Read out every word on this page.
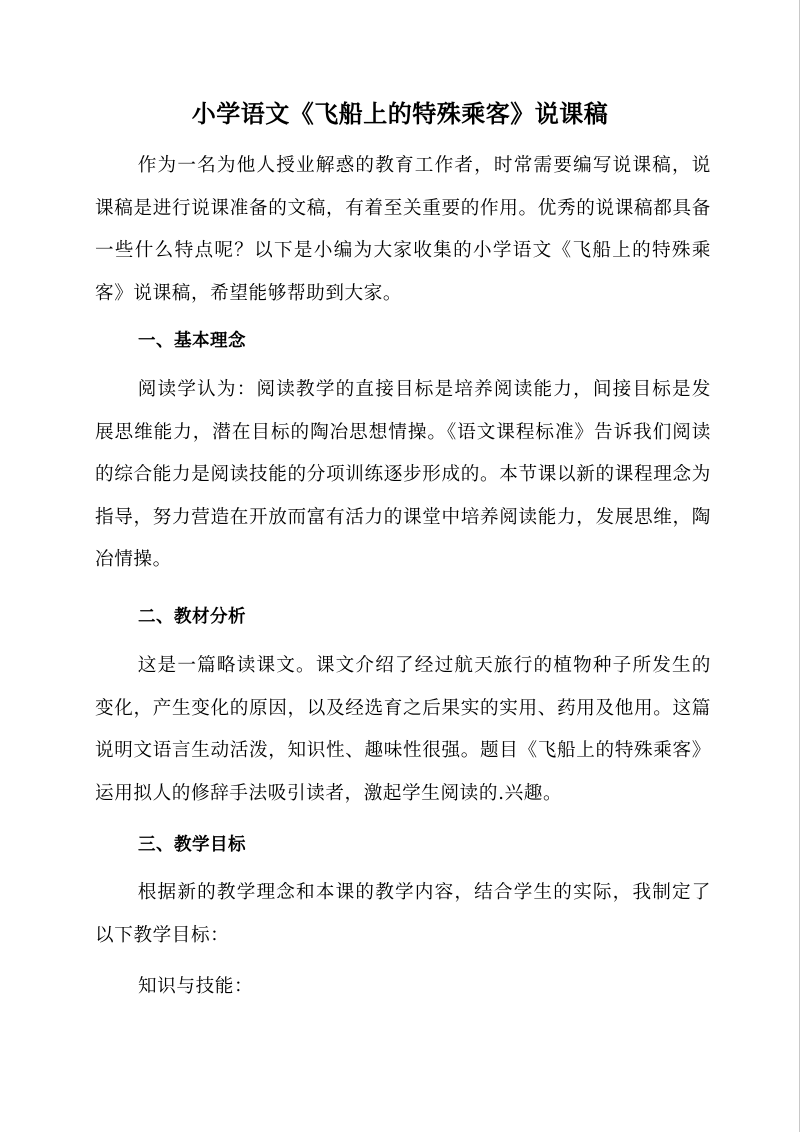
小学语文《飞船上的特殊乘客》说课稿

作为一名为他人授业解惑的教育工作者，时常需要编写说课稿，说课稿是进行说课准备的文稿，有着至关重要的作用。优秀的说课稿都具备一些什么特点呢？以下是小编为大家收集的小学语文《飞船上的特殊乘客》说课稿，希望能够帮助到大家。

一、基本理念

阅读学认为：阅读教学的直接目标是培养阅读能力，间接目标是发展思维能力，潜在目标的陶冶思想情操。《语文课程标准》告诉我们阅读的综合能力是阅读技能的分项训练逐步形成的。本节课以新的课程理念为指导，努力营造在开放而富有活力的课堂中培养阅读能力，发展思维，陶冶情操。

二、教材分析

这是一篇略读课文。课文介绍了经过航天旅行的植物种子所发生的变化，产生变化的原因，以及经选育之后果实的实用、药用及他用。这篇说明文语言生动活泼，知识性、趣味性很强。题目《飞船上的特殊乘客》运用拟人的修辞手法吸引读者，激起学生阅读的.兴趣。

三、教学目标

根据新的教学理念和本课的教学内容，结合学生的实际，我制定了以下教学目标：

知识与技能：
